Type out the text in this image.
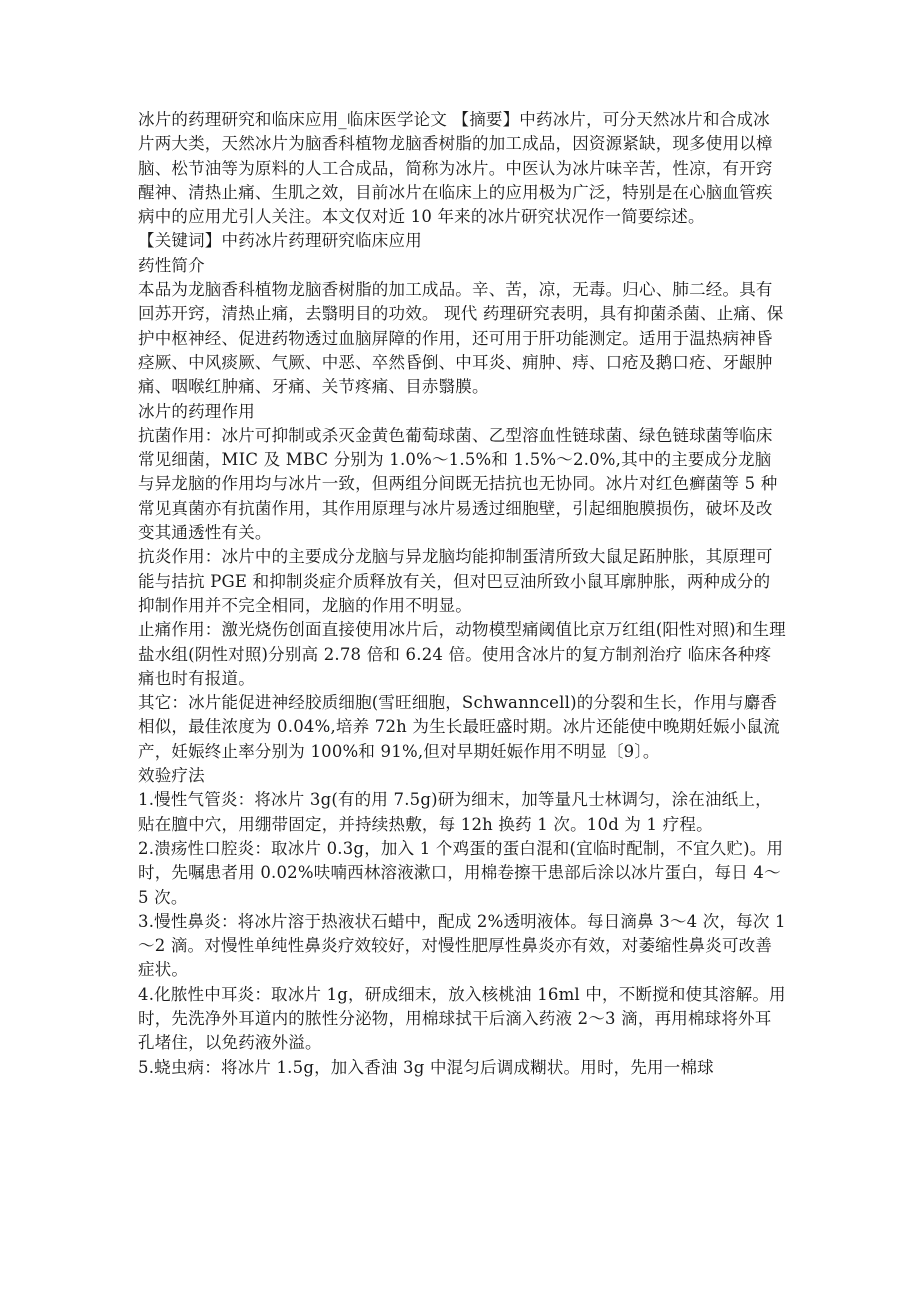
冰片的药理研究和临床应用_临床医学论文 【摘要】中药冰片，可分天然冰片和合成冰片两大类，天然冰片为脑香科植物龙脑香树脂的加工成品，因资源紧缺，现多使用以樟脑、松节油等为原料的人工合成品，简称为冰片。中医认为冰片味辛苦，性凉，有开窍醒神、清热止痛、生肌之效，目前冰片在临床上的应用极为广泛，特别是在心脑血管疾病中的应用尤引人关注。本文仅对近 10 年来的冰片研究状况作一简要综述。

【关键词】中药冰片药理研究临床应用

药性简介

本品为龙脑香科植物龙脑香树脂的加工成品。辛、苦，凉，无毒。归心、肺二经。具有回苏开窍，清热止痛，去翳明目的功效。 现代 药理研究表明，具有抑菌杀菌、止痛、保护中枢神经、促进药物透过血脑屏障的作用，还可用于肝功能测定。适用于温热病神昏痉厥、中风痰厥、气厥、中恶、卒然昏倒、中耳炎、痈肿、痔、口疮及鹅口疮、牙龈肿痛、咽喉红肿痛、牙痛、关节疼痛、目赤翳膜。

冰片的药理作用

抗菌作用：冰片可抑制或杀灭金黄色葡萄球菌、乙型溶血性链球菌、绿色链球菌等临床常见细菌，MIC 及 MBC 分别为 1.0%～1.5%和 1.5%～2.0%,其中的主要成分龙脑与异龙脑的作用均与冰片一致，但两组分间既无拮抗也无协同。冰片对红色癣菌等 5 种常见真菌亦有抗菌作用，其作用原理与冰片易透过细胞壁，引起细胞膜损伤，破坏及改变其通透性有关。

抗炎作用：冰片中的主要成分龙脑与异龙脑均能抑制蛋清所致大鼠足跖肿胀，其原理可能与拮抗 PGE 和抑制炎症介质释放有关，但对巴豆油所致小鼠耳廓肿胀，两种成分的抑制作用并不完全相同，龙脑的作用不明显。

止痛作用：激光烧伤创面直接使用冰片后，动物模型痛阈值比京万红组(阳性对照)和生理盐水组(阴性对照)分别高 2.78 倍和 6.24 倍。使用含冰片的复方制剂治疗 临床各种疼痛也时有报道。

其它：冰片能促进神经胶质细胞(雪旺细胞，Schwanncell)的分裂和生长，作用与麝香相似，最佳浓度为 0.04%,培养 72h 为生长最旺盛时期。冰片还能使中晚期妊娠小鼠流产，妊娠终止率分别为 100%和 91%,但对早期妊娠作用不明显〔9〕。

效验疗法

1.慢性气管炎：将冰片 3g(有的用 7.5g)研为细末，加等量凡士林调匀，涂在油纸上，贴在膻中穴，用绷带固定，并持续热敷，每 12h 换药 1 次。10d 为 1 疗程。

2.溃疡性口腔炎：取冰片 0.3g，加入 1 个鸡蛋的蛋白混和(宜临时配制，不宜久贮)。用时，先嘱患者用 0.02%呋喃西林溶液漱口，用棉卷擦干患部后涂以冰片蛋白，每日 4～5 次。

3.慢性鼻炎：将冰片溶于热液状石蜡中，配成 2%透明液体。每日滴鼻 3～4 次，每次 1～2 滴。对慢性单纯性鼻炎疗效较好，对慢性肥厚性鼻炎亦有效，对萎缩性鼻炎可改善症状。

4.化脓性中耳炎：取冰片 1g，研成细末，放入核桃油 16ml 中，不断搅和使其溶解。用时，先洗净外耳道内的脓性分泌物，用棉球拭干后滴入药液 2～3 滴，再用棉球将外耳孔堵住，以免药液外溢。

5.蛲虫病：将冰片 1.5g，加入香油 3g 中混匀后调成糊状。用时，先用一棉球
